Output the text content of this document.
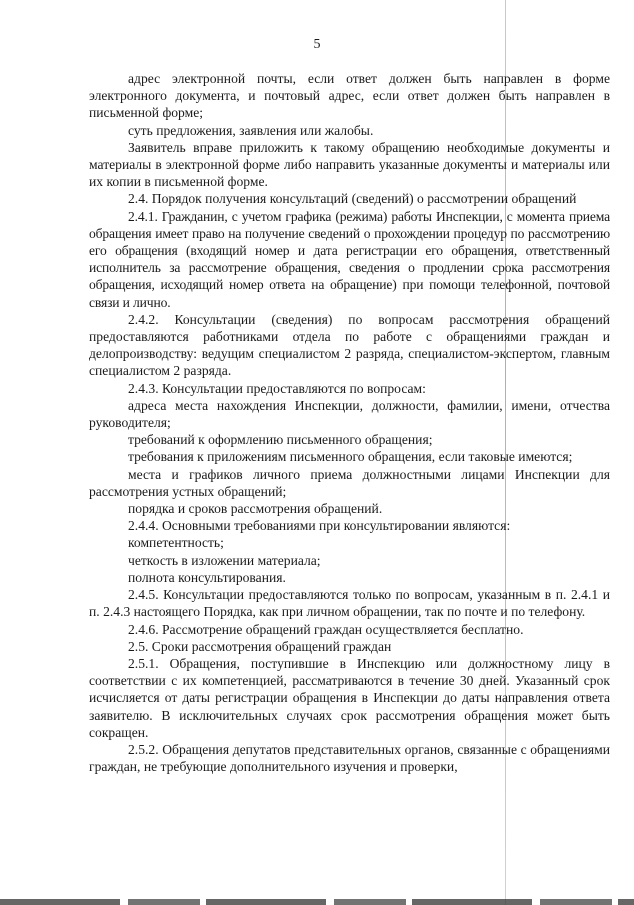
5

адрес электронной почты, если ответ должен быть направлен в форме электронного документа, и почтовый адрес, если ответ должен быть направлен в письменной форме;

суть предложения, заявления или жалобы.

Заявитель вправе приложить к такому обращению необходимые документы и материалы в электронной форме либо направить указанные документы и материалы или их копии в письменной форме.

2.4. Порядок получения консультаций (сведений) о рассмотрении обращений

2.4.1. Гражданин, с учетом графика (режима) работы Инспекции, с момента приема обращения имеет право на получение сведений о прохождении процедур по рассмотрению его обращения (входящий номер и дата регистрации его обращения, ответственный исполнитель за рассмотрение обращения, сведения о продлении срока рассмотрения обращения, исходящий номер ответа на обращение) при помощи телефонной, почтовой связи и лично.

2.4.2. Консультации (сведения) по вопросам рассмотрения обращений предоставляются работниками отдела по работе с обращениями граждан и делопроизводству: ведущим специалистом 2 разряда, специалистом-экспертом, главным специалистом 2 разряда.

2.4.3. Консультации предоставляются по вопросам:

адреса места нахождения Инспекции, должности, фамилии, имени, отчества руководителя;

требований к оформлению письменного обращения;

требования к приложениям письменного обращения, если таковые имеются;

места и графиков личного приема должностными лицами Инспекции для рассмотрения устных обращений;

порядка и сроков рассмотрения обращений.

2.4.4. Основными требованиями при консультировании являются:

компетентность;

четкость в изложении материала;

полнота консультирования.

2.4.5. Консультации предоставляются только по вопросам, указанным в п. 2.4.1 и п. 2.4.3 настоящего Порядка, как при личном обращении, так по почте и по телефону.

2.4.6. Рассмотрение обращений граждан осуществляется бесплатно.

2.5. Сроки рассмотрения обращений граждан

2.5.1. Обращения, поступившие в Инспекцию или должностному лицу в соответствии с их компетенцией, рассматриваются в течение 30 дней. Указанный срок исчисляется от даты регистрации обращения в Инспекции до даты направления ответа заявителю. В исключительных случаях срок рассмотрения обращения может быть сокращен.

2.5.2. Обращения депутатов представительных органов, связанные с обращениями граждан, не требующие дополнительного изучения и проверки,
